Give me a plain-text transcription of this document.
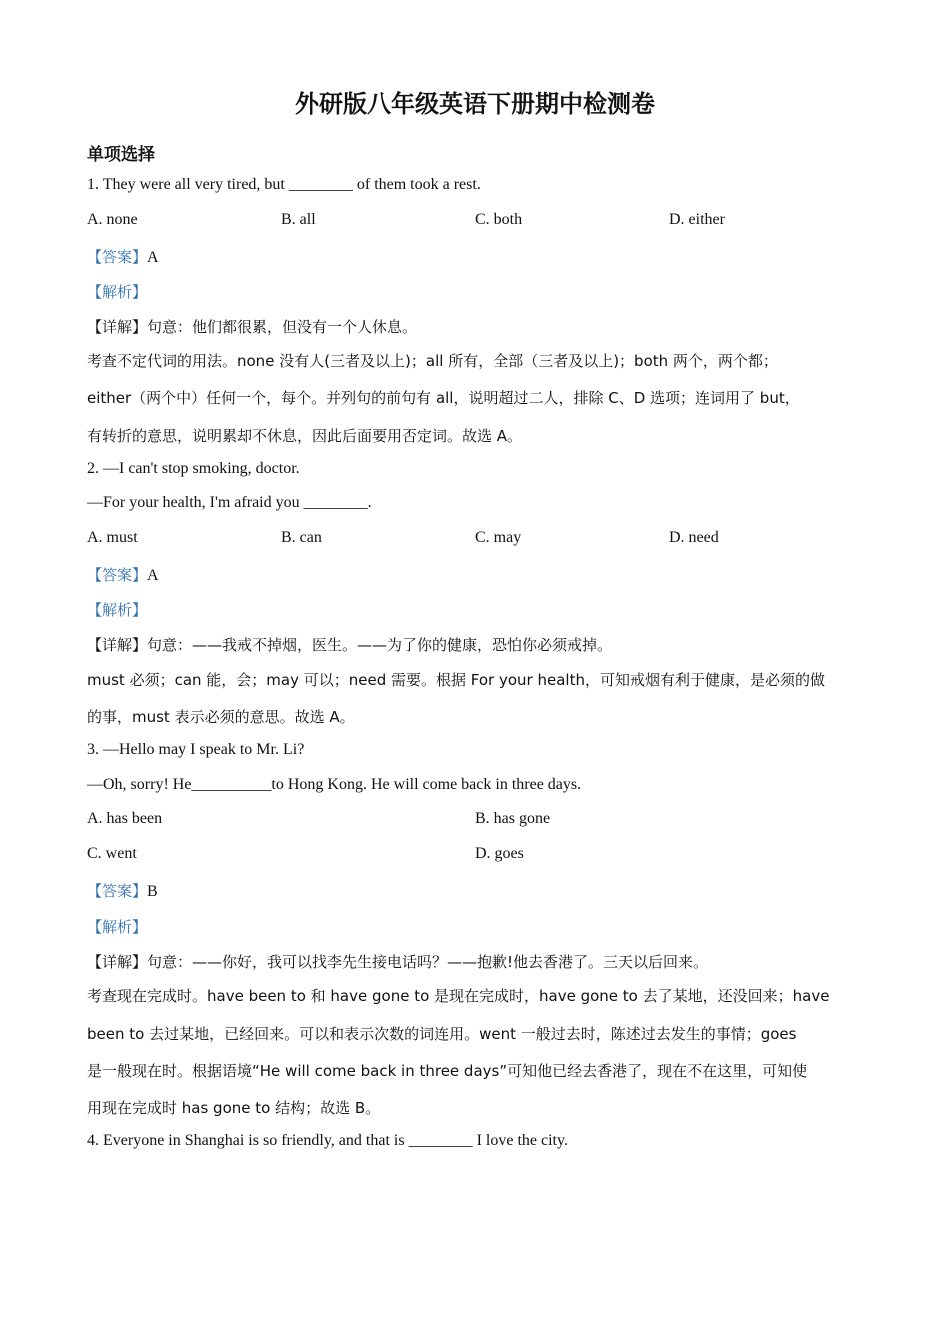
外研版八年级英语下册期中检测卷
单项选择
1. They were all very tired, but ________ of them took a rest.
A. none	B. all	C. both	D. either
【答案】A
【解析】
【详解】句意：他们都很累，但没有一个人休息。
考查不定代词的用法。none 没有人(三者及以上)；all 所有，全部（三者及以上)；both 两个，两个都；
either（两个中）任何一个，每个。并列句的前句有 all，说明超过二人，排除 C、D 选项；连词用了 but，
有转折的意思，说明累却不休息，因此后面要用否定词。故选 A。
2. —I can't stop smoking, doctor.
—For your health, I'm afraid you ________.
A. must	B. can	C. may	D. need
【答案】A
【解析】
【详解】句意：——我戒不掉烟，医生。——为了你的健康，恐怕你必须戒掉。
must 必须；can 能，会；may 可以；need 需要。根据 For your health，可知戒烟有利于健康，是必须的做
的事，must 表示必须的意思。故选 A。
3. —Hello may I speak to Mr. Li?
—Oh, sorry! He__________to Hong Kong. He will come back in three days.
A. has been	B. has gone
C. went	D. goes
【答案】B
【解析】
【详解】句意：——你好，我可以找李先生接电话吗？——抱歉!他去香港了。三天以后回来。
考查现在完成时。have been to 和 have gone to 是现在完成时，have gone to 去了某地，还没回来；have
been to 去过某地，已经回来。可以和表示次数的词连用。went 一般过去时，陈述过去发生的事情；goes
是一般现在时。根据语境“He will come back in three days”可知他已经去香港了，现在不在这里，可知使
用现在完成时 has gone to 结构；故选 B。
4. Everyone in Shanghai is so friendly, and that is ________ I love the city.
